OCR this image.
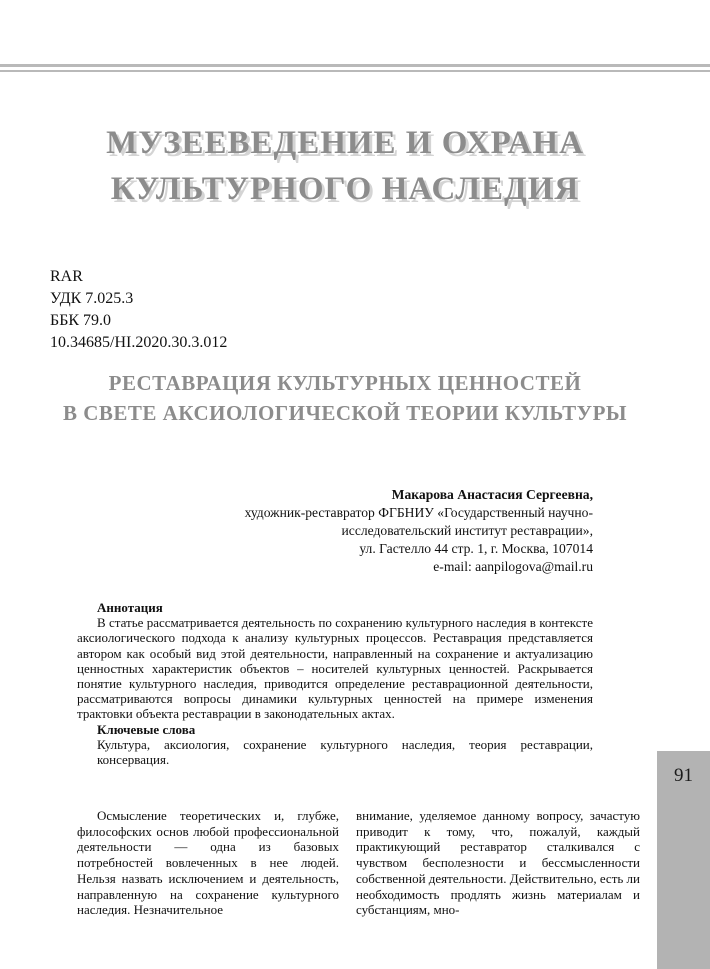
МУЗЕЕВЕДЕНИЕ И ОХРАНА
КУЛЬТУРНОГО НАСЛЕДИЯ
RAR
УДК 7.025.3
ББК 79.0
10.34685/HI.2020.30.3.012
РЕСТАВРАЦИЯ КУЛЬТУРНЫХ ЦЕННОСТЕЙ
В СВЕТЕ АКСИОЛОГИЧЕСКОЙ ТЕОРИИ КУЛЬТУРЫ
Макарова Анастасия Сергеевна,
художник-реставратор ФГБНИУ «Государственный научно-
исследовательский институт реставрации»,
ул. Гастелло 44 стр. 1, г. Москва, 107014
e-mail: aanpilogova@mail.ru
Аннотация
В статье рассматривается деятельность по сохранению культурного наследия в контексте аксиологического подхода к анализу культурных процессов. Реставрация представляется автором как особый вид этой деятельности, направленный на сохранение и актуализацию ценностных характеристик объектов – носителей культурных ценностей. Раскрывается понятие культурного наследия, приводится определение реставрационной деятельности, рассматриваются вопросы динамики культурных ценностей на примере изменения трактовки объекта реставрации в законодательных актах.
Ключевые слова
Культура, аксиология, сохранение культурного наследия, теория реставрации, консервация.
91
Осмысление теоретических и, глубже, философских основ любой профессиональной деятельности — одна из базовых потребностей вовлеченных в нее людей. Нельзя назвать исключением и деятельность, направленную на сохранение культурного наследия. Незначительное
внимание, уделяемое данному вопросу, зачастую приводит к тому, что, пожалуй, каждый практикующий реставратор сталкивался с чувством бесполезности и бессмысленности собственной деятельности. Действительно, есть ли необходимость продлять жизнь материалам и субстанциям, мно-
